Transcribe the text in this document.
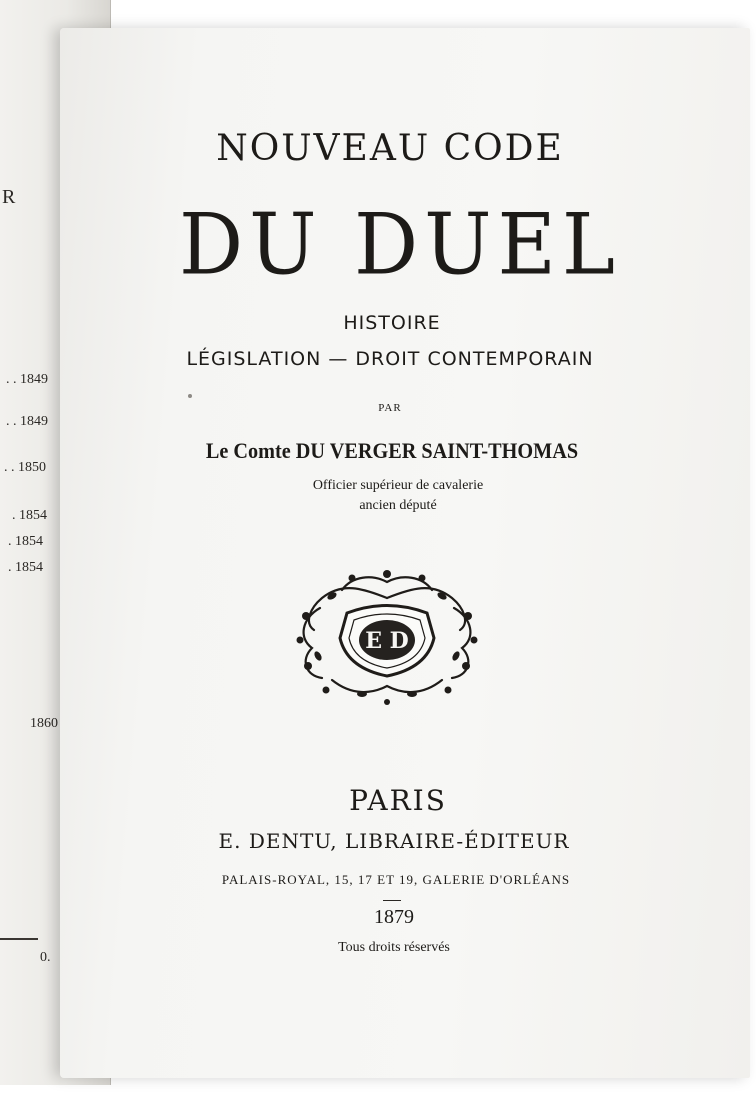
R
. . 1849
. . 1849
. . 1850
. 1854
. 1854
. 1854
1860
0.
NOUVEAU CODE
DU DUEL
HISTOIRE
LÉGISLATION — DROIT CONTEMPORAIN
PAR
Le Comte DU VERGER SAINT-THOMAS
Officier supérieur de cavalerie
ancien député
E D
PARIS
E. DENTU, LIBRAIRE-ÉDITEUR
PALAIS-ROYAL, 15, 17 ET 19, GALERIE D'ORLÉANS
1879
Tous droits réservés
